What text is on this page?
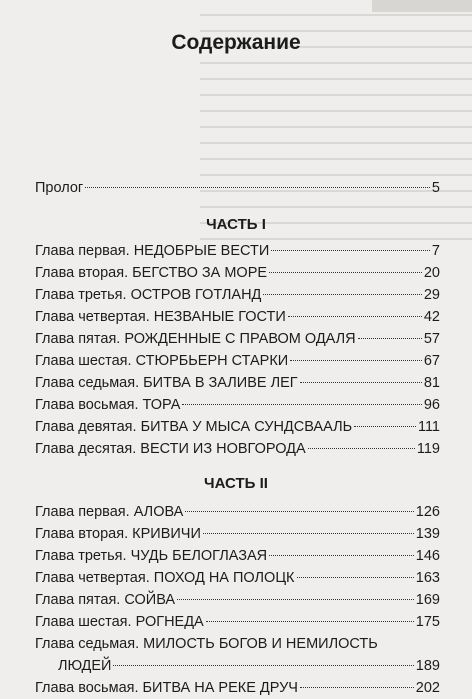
Содержание
Пролог	5
ЧАСТЬ I
Глава первая. НЕДОБРЫЕ ВЕСТИ	7
Глава вторая. БЕГСТВО ЗА МОРЕ	20
Глава третья. ОСТРОВ ГОТЛАНД	29
Глава четвертая. НЕЗВАНЫЕ ГОСТИ	42
Глава пятая. РОЖДЕННЫЕ С ПРАВОМ ОДАЛЯ	57
Глава шестая. СТЮРБЬЕРН СТАРКИ	67
Глава седьмая. БИТВА В ЗАЛИВЕ ЛЕГ	81
Глава восьмая. ТОРА	96
Глава девятая. БИТВА У МЫСА СУНДСВААЛЬ	111
Глава десятая. ВЕСТИ ИЗ НОВГОРОДА	119
ЧАСТЬ II
Глава первая. АЛОВА	126
Глава вторая. КРИВИЧИ	139
Глава третья. ЧУДЬ БЕЛОГЛАЗАЯ	146
Глава четвертая. ПОХОД НА ПОЛОЦК	163
Глава пятая. СОЙВА	169
Глава шестая. РОГНЕДА	175
Глава седьмая. МИЛОСТЬ БОГОВ И НЕМИЛОСТЬ
ЛЮДЕЙ	189
Глава восьмая. БИТВА НА РЕКЕ ДРУЧ	202
